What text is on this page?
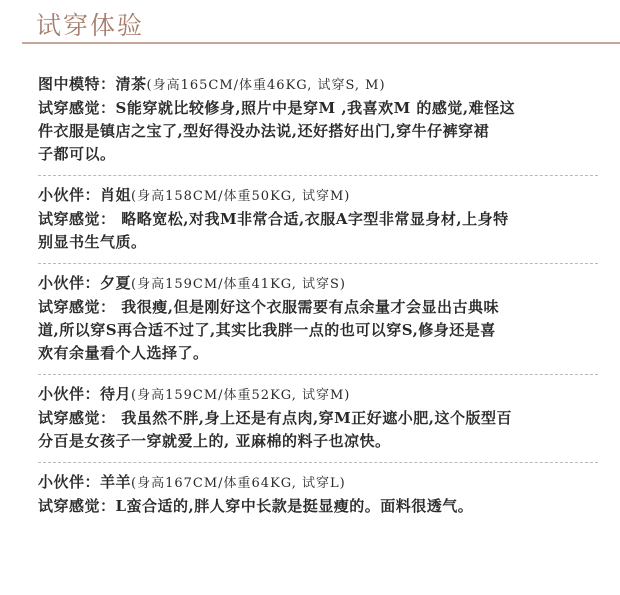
试穿体验
图中模特：清茶(身高165CM/体重46KG, 试穿S, M)
试穿感觉：S能穿就比较修身,照片中是穿M ,我喜欢M 的感觉,难怪这
件衣服是镇店之宝了,型好得没办法说,还好搭好出门,穿牛仔裤穿裙
子都可以。
小伙伴：肖姐(身高158CM/体重50KG, 试穿M)
试穿感觉： 略略宽松,对我M非常合适,衣服A字型非常显身材,上身特
别显书生气质。
小伙伴：夕夏(身高159CM/体重41KG, 试穿S)
试穿感觉： 我很瘦,但是刚好这个衣服需要有点余量才会显出古典味
道,所以穿S再合适不过了,其实比我胖一点的也可以穿S,修身还是喜
欢有余量看个人选择了。
小伙伴：待月(身高159CM/体重52KG, 试穿M)
试穿感觉： 我虽然不胖,身上还是有点肉,穿M正好遮小肥,这个版型百
分百是女孩子一穿就爱上的, 亚麻棉的料子也凉快。
小伙伴：羊羊(身高167CM/体重64KG, 试穿L)
试穿感觉：L蛮合适的,胖人穿中长款是挺显瘦的。面料很透气。
